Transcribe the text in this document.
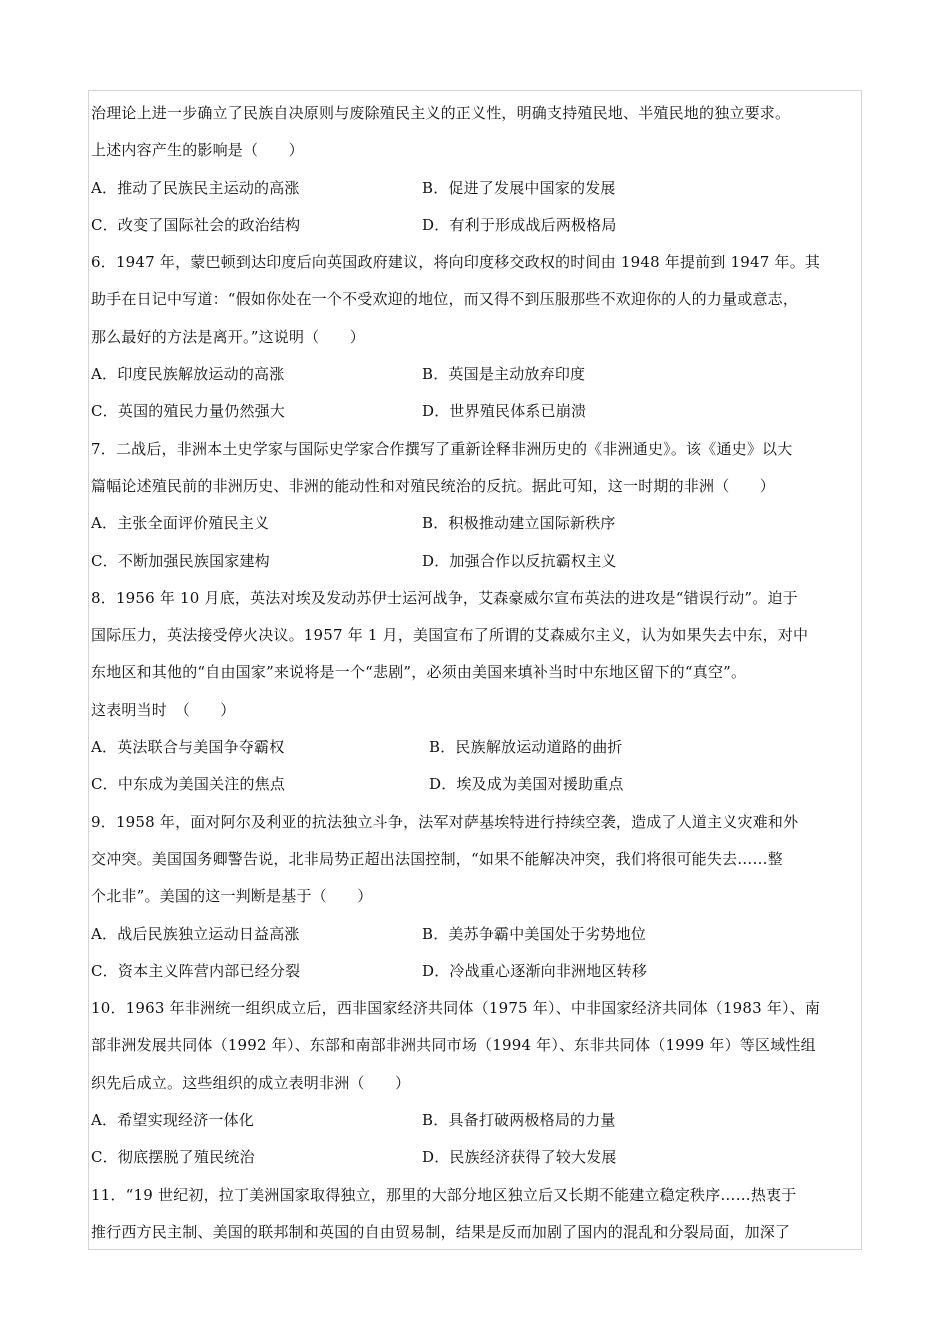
治理论上进一步确立了民族自决原则与废除殖民主义的正义性，明确支持殖民地、半殖民地的独立要求。
上述内容产生的影响是（　　）
A．推动了民族民主运动的高涨	B．促进了发展中国家的发展
C．改变了国际社会的政治结构	D．有利于形成战后两极格局
6．1947 年，蒙巴顿到达印度后向英国政府建议，将向印度移交政权的时间由 1948 年提前到 1947 年。其
助手在日记中写道：“假如你处在一个不受欢迎的地位，而又得不到压服那些不欢迎你的人的力量或意志，
那么最好的方法是离开。”这说明（　　）
A．印度民族解放运动的高涨	B．英国是主动放弃印度
C．英国的殖民力量仍然强大	D．世界殖民体系已崩溃
7．二战后，非洲本土史学家与国际史学家合作撰写了重新诠释非洲历史的《非洲通史》。该《通史》以大
篇幅论述殖民前的非洲历史、非洲的能动性和对殖民统治的反抗。据此可知，这一时期的非洲（　　）
A．主张全面评价殖民主义	B．积极推动建立国际新秩序
C．不断加强民族国家建构	D．加强合作以反抗霸权主义
8．1956 年 10 月底，英法对埃及发动苏伊士运河战争，艾森豪威尔宣布英法的进攻是“错误行动”。迫于
国际压力，英法接受停火决议。1957 年 1 月，美国宣布了所谓的艾森威尔主义，认为如果失去中东，对中
东地区和其他的“自由国家”来说将是一个“悲剧”，必须由美国来填补当时中东地区留下的“真空”。
这表明当时　（　　）
A．英法联合与美国争夺霸权	B．民族解放运动道路的曲折
C．中东成为美国关注的焦点	D．埃及成为美国对援助重点
9．1958 年，面对阿尔及利亚的抗法独立斗争，法军对萨基埃特进行持续空袭，造成了人道主义灾难和外
交冲突。美国国务卿警告说，北非局势正超出法国控制，“如果不能解决冲突，我们将很可能失去……整
个北非”。美国的这一判断是基于（　　）
A．战后民族独立运动日益高涨	B．美苏争霸中美国处于劣势地位
C．资本主义阵营内部已经分裂	D．冷战重心逐渐向非洲地区转移
10．1963 年非洲统一组织成立后，西非国家经济共同体（1975 年）、中非国家经济共同体（1983 年）、南
部非洲发展共同体（1992 年）、东部和南部非洲共同市场（1994 年）、东非共同体（1999 年）等区域性组
织先后成立。这些组织的成立表明非洲（　　）
A．希望实现经济一体化	B．具备打破两极格局的力量
C．彻底摆脱了殖民统治	D．民族经济获得了较大发展
11．“19 世纪初，拉丁美洲国家取得独立，那里的大部分地区独立后又长期不能建立稳定秩序……热衷于
推行西方民主制、美国的联邦制和英国的自由贸易制，结果是反而加剧了国内的混乱和分裂局面，加深了
